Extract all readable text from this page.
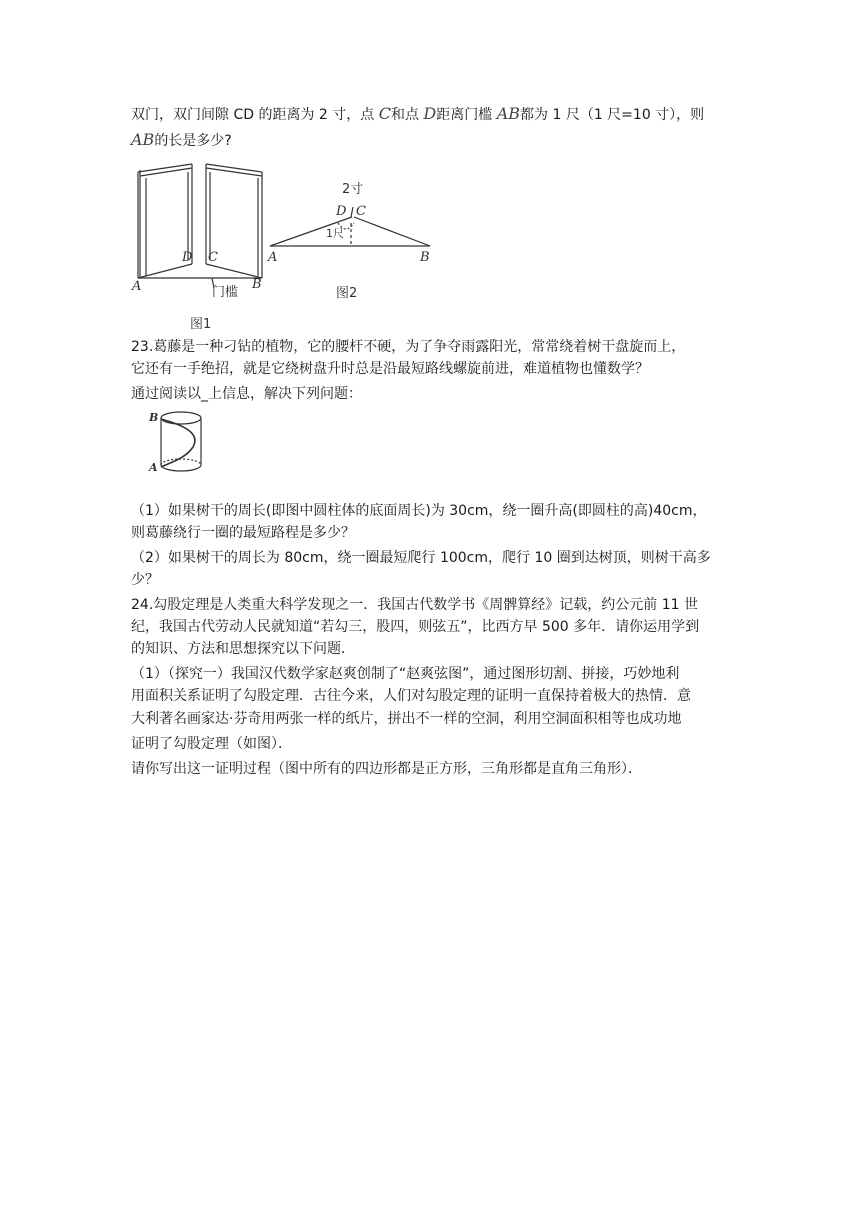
双门，双门间隙 CD 的距离为 2 寸，点 C和点 D距离门槛 AB都为 1 尺（1 尺=10 寸），则
AB的长是多少?
D C
A	B
门槛
图1
2寸
D C
1尺
A	B
图2
23.葛藤是一种刁钻的植物，它的腰杆不硬，为了争夺雨露阳光，常常绕着树干盘旋而上，
它还有一手绝招，就是它绕树盘升时总是沿最短路线螺旋前进，难道植物也懂数学？
通过阅读以_上信息，解决下列问题：
B
A
（1）如果树干的周长(即图中圆柱体的底面周长)为 30cm，绕一圈升高(即圆柱的高)40cm，
则葛藤绕行一圈的最短路程是多少？
（2）如果树干的周长为 80cm，绕一圈最短爬行 100cm，爬行 10 圈到达树顶，则树干高多
少？
24.勾股定理是人类重大科学发现之一．我国古代数学书《周髀算经》记载，约公元前 11 世
纪，我国古代劳动人民就知道“若勾三，股四，则弦五”，比西方早 500 多年．请你运用学到
的知识、方法和思想探究以下问题．
（1）（探究一）我国汉代数学家赵爽创制了“赵爽弦图”，通过图形切割、拼接，巧妙地利
用面积关系证明了勾股定理．古往今来，人们对勾股定理的证明一直保持着极大的热情．意
大利著名画家达·芬奇用两张一样的纸片，拼出不一样的空洞，利用空洞面积相等也成功地
证明了勾股定理（如图）．
请你写出这一证明过程（图中所有的四边形都是正方形，三角形都是直角三角形）．
